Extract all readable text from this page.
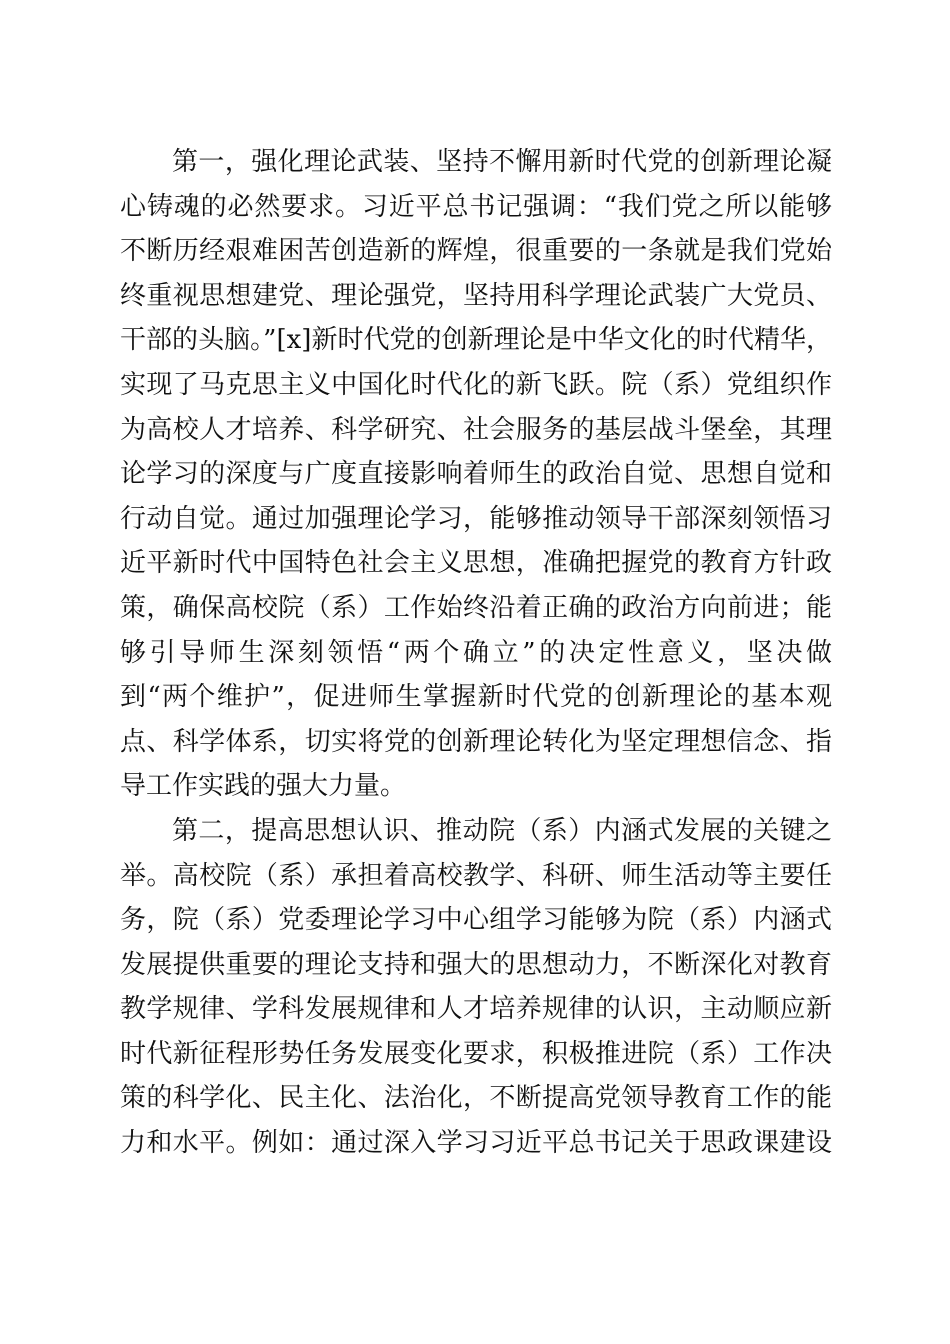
第一，强化理论武装、坚持不懈用新时代党的创新理论凝
心铸魂的必然要求。习近平总书记强调：“我们党之所以能够
不断历经艰难困苦创造新的辉煌，很重要的一条就是我们党始
终重视思想建党、理论强党，坚持用科学理论武装广大党员、
干部的头脑。”[x]新时代党的创新理论是中华文化的时代精华，
实现了马克思主义中国化时代化的新飞跃。院（系）党组织作
为高校人才培养、科学研究、社会服务的基层战斗堡垒，其理
论学习的深度与广度直接影响着师生的政治自觉、思想自觉和
行动自觉。通过加强理论学习，能够推动领导干部深刻领悟习
近平新时代中国特色社会主义思想，准确把握党的教育方针政
策，确保高校院（系）工作始终沿着正确的政治方向前进；能
够引导师生深刻领悟“两个确立”的决定性意义，坚决做
到“两个维护”，促进师生掌握新时代党的创新理论的基本观
点、科学体系，切实将党的创新理论转化为坚定理想信念、指
导工作实践的强大力量。
第二，提高思想认识、推动院（系）内涵式发展的关键之
举。高校院（系）承担着高校教学、科研、师生活动等主要任
务，院（系）党委理论学习中心组学习能够为院（系）内涵式
发展提供重要的理论支持和强大的思想动力，不断深化对教育
教学规律、学科发展规律和人才培养规律的认识，主动顺应新
时代新征程形势任务发展变化要求，积极推进院（系）工作决
策的科学化、民主化、法治化，不断提高党领导教育工作的能
力和水平。例如：通过深入学习习近平总书记关于思政课建设
